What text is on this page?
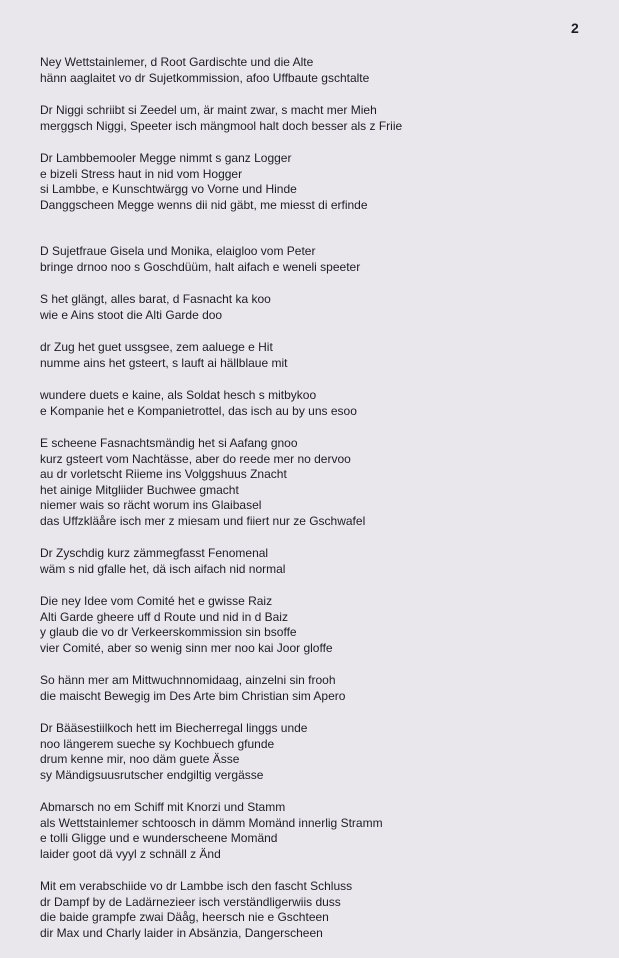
2
Ney Wettstainlemer, d Root Gardischte und die Alte
hänn aaglaitet vo dr Sujetkommission, afoo Uffbaute gschtalte
Dr Niggi schriibt si Zeedel um, är maint zwar, s macht mer Mieh
merggsch Niggi, Speeter isch mängmool halt doch besser als z Friie
Dr Lambbemooler Megge nimmt s ganz Logger
e bizeli Stress haut in nid vom Hogger
si Lambbe, e Kunschtwärgg vo Vorne und Hinde
Danggscheen Megge wenns dii nid gäbt, me miesst di erfinde
D Sujetfraue Gisela und Monika, elaigloo vom Peter
bringe drnoo noo s Goschdüüm, halt aifach e weneli speeter
S het glängt, alles barat, d Fasnacht ka koo
wie e Ains stoot die Alti Garde doo
dr Zug het guet ussgsee, zem aaluege e Hit
numme ains het gsteert, s lauft ai hällblaue mit
wundere duets e kaine, als Soldat hesch s mitbykoo
e Kompanie het e Kompanietrottel, das isch au by uns esoo
E scheene Fasnachtsmändig het si Aafang gnoo
kurz gsteert vom Nachtässe, aber do reede mer no dervoo
au dr vorletscht Riieme ins Volggshuus Znacht
het ainige Mitgliider Buchwee gmacht
niemer wais so rächt worum ins Glaibasel
das Uffzkläåre isch mer z miesam und fiiert nur ze Gschwafel
Dr Zyschdig kurz zämmegfasst Fenomenal
wäm s nid gfalle het, dä isch aifach nid normal
Die ney Idee vom Comité het e gwisse Raiz
Alti Garde gheere uff d Route und nid in d Baiz
y glaub die vo dr Verkeerskommission sin bsoffe
vier Comité, aber so wenig sinn mer noo kai Joor gloffe
So hänn mer am Mittwuchnnomidaag, ainzelni sin frooh
die maischt Bewegig im Des Arte bim Christian sim Apero
Dr Bääsestiilkoch hett im Biecherregal linggs unde
noo längerem sueche sy Kochbuech gfunde
drum kenne mir, noo däm guete Ässe
sy Mändigsuusrutscher endgiltig vergässe
Abmarsch no em Schiff mit Knorzi und Stamm
als Wettstainlemer schtoosch in dämm Momänd innerlig Stramm
e tolli Gligge und e wunderscheene Momänd
laider goot dä vyyl z schnäll z Änd
Mit em verabschiide vo dr Lambbe isch den fascht Schluss
dr Dampf by de Ladärnezieer isch verständligerwiis duss
die baide grampfe zwai Däåg, heersch nie e Gschteen
dir Max und Charly laider in Absänzia, Dangerscheen
